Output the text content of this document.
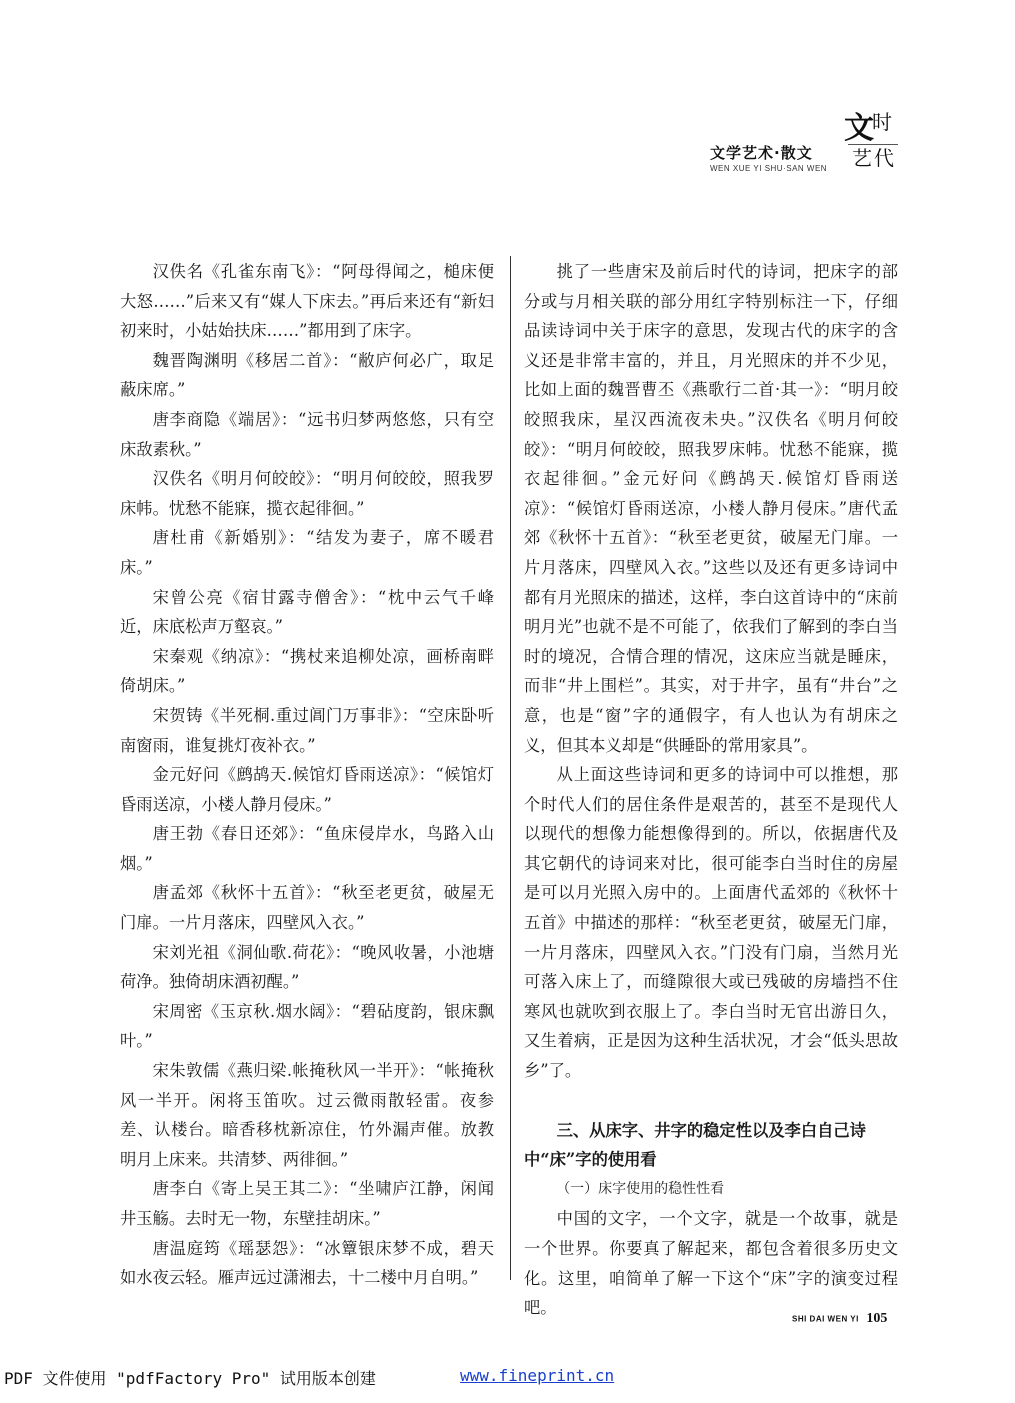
文学艺术·散文
WEN XUE YI SHU·SAN WEN
文
时
艺代

汉佚名《孔雀东南飞》：“阿母得闻之，槌床便大怒……”后来又有“媒人下床去。”再后来还有“新妇初来时，小姑始扶床……”都用到了床字。

魏晋陶渊明《移居二首》：“敝庐何必广，取足蔽床席。”

唐李商隐《端居》：“远书归梦两悠悠，只有空床敌素秋。”

汉佚名《明月何皎皎》：“明月何皎皎，照我罗床帏。忧愁不能寐，揽衣起徘徊。”

唐杜甫《新婚别》：“结发为妻子，席不暖君床。”

宋曾公亮《宿甘露寺僧舍》：“枕中云气千峰近，床底松声万壑哀。”

宋秦观《纳凉》：“携杖来追柳处凉，画桥南畔倚胡床。”

宋贺铸《半死桐.重过阊门万事非》：“空床卧听南窗雨，谁复挑灯夜补衣。”

金元好问《鹧鸪天.候馆灯昏雨送凉》：“候馆灯昏雨送凉，小楼人静月侵床。”

唐王勃《春日还郊》：“鱼床侵岸水，鸟路入山烟。”

唐孟郊《秋怀十五首》：“秋至老更贫，破屋无门扉。一片月落床，四壁风入衣。”

宋刘光祖《洞仙歌.荷花》：“晚风收暑，小池塘荷净。独倚胡床酒初醒。”

宋周密《玉京秋.烟水阔》：“碧砧度韵，银床飘叶。”

宋朱敦儒《燕归梁.帐掩秋风一半开》：“帐掩秋风一半开。闲将玉笛吹。过云微雨散轻雷。夜参差、认楼台。暗香移枕新凉住，竹外漏声催。放教明月上床来。共清梦、两徘徊。”

唐李白《寄上吴王其二》：“坐啸庐江静，闲闻井玉觞。去时无一物，东壁挂胡床。”

唐温庭筠《瑶瑟怨》：“冰簟银床梦不成，碧天如水夜云轻。雁声远过潇湘去，十二楼中月自明。”

挑了一些唐宋及前后时代的诗词，把床字的部分或与月相关联的部分用红字特别标注一下，仔细品读诗词中关于床字的意思，发现古代的床字的含义还是非常丰富的，并且，月光照床的并不少见，比如上面的魏晋曹丕《燕歌行二首·其一》：“明月皎皎照我床，星汉西流夜未央。”汉佚名《明月何皎皎》：“明月何皎皎，照我罗床帏。忧愁不能寐，揽衣起徘徊。”金元好问《鹧鸪天.候馆灯昏雨送凉》：“候馆灯昏雨送凉，小楼人静月侵床。”唐代孟郊《秋怀十五首》：“秋至老更贫，破屋无门扉。一片月落床，四壁风入衣。”这些以及还有更多诗词中都有月光照床的描述，这样，李白这首诗中的“床前明月光”也就不是不可能了，依我们了解到的李白当时的境况，合情合理的情况，这床应当就是睡床，而非“井上围栏”。其实，对于井字，虽有“井台”之意，也是“窗”字的通假字，有人也认为有胡床之义，但其本义却是“供睡卧的常用家具”。

从上面这些诗词和更多的诗词中可以推想，那个时代人们的居住条件是艰苦的，甚至不是现代人以现代的想像力能想像得到的。所以，依据唐代及其它朝代的诗词来对比，很可能李白当时住的房屋是可以月光照入房中的。上面唐代孟郊的《秋怀十五首》中描述的那样：“秋至老更贫，破屋无门扉，一片月落床，四壁风入衣。”门没有门扇，当然月光可落入床上了，而缝隙很大或已残破的房墙挡不住寒风也就吹到衣服上了。李白当时无官出游日久，又生着病，正是因为这种生活状况，才会“低头思故乡”了。

三、从床字、井字的稳定性以及李白自己诗中“床”字的使用看

（一）床字使用的稳性性看

中国的文字，一个文字，就是一个故事，就是一个世界。你要真了解起来，都包含着很多历史文化。这里，咱简单了解一下这个“床”字的演变过程吧。

SHI DAI WEN YI 105
PDF 文件使用 "pdfFactory Pro" 试用版本创建	www.fineprint.cn
